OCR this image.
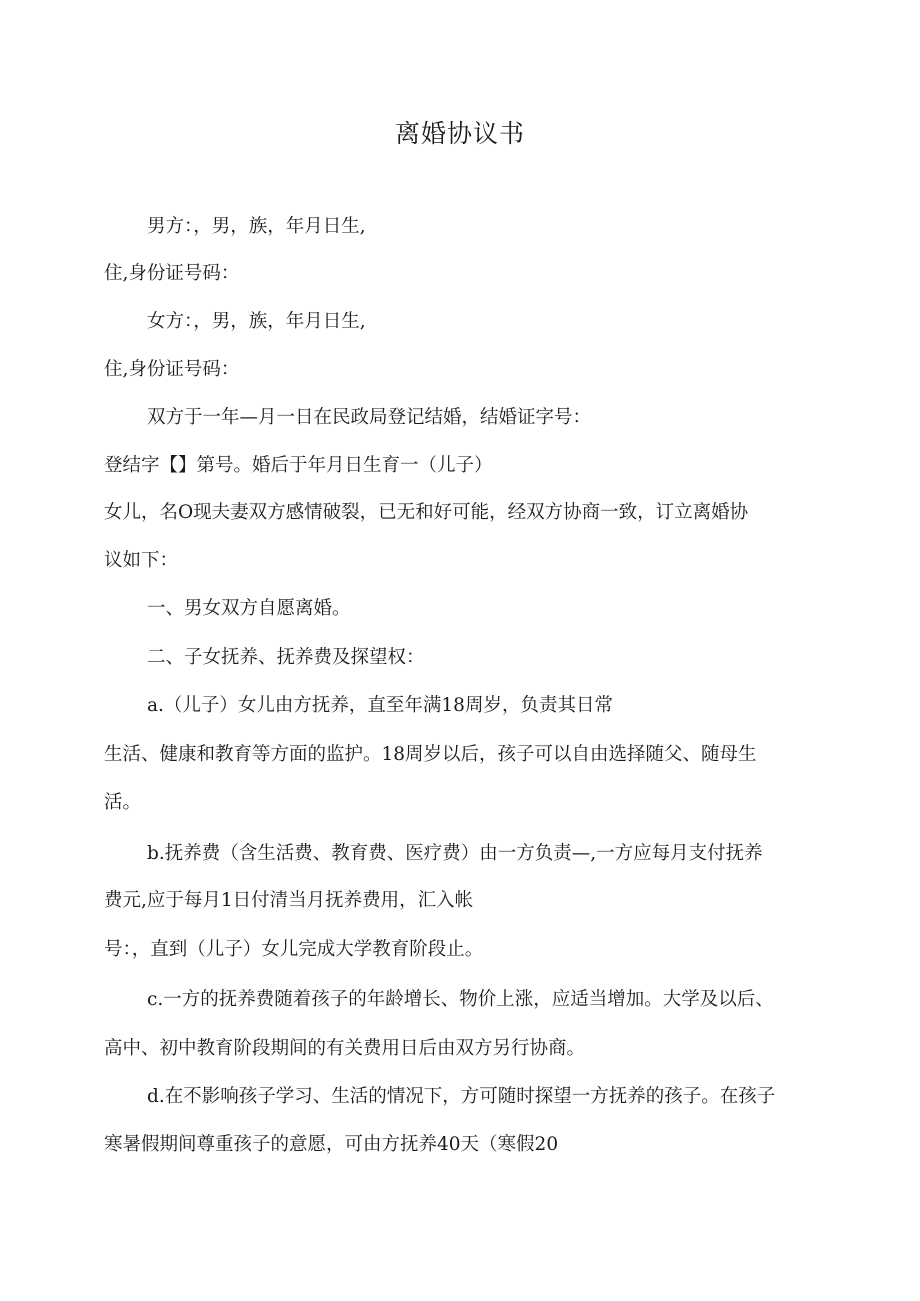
离婚协议书
男方：，男，族，年月日生,
住,身份证号码：
女方：，男，族，年月日生,
住,身份证号码：
双方于一年—月一日在民政局登记结婚，结婚证字号：
登结字【】第号。婚后于年月日生育一（儿子）
女儿，名O现夫妻双方感情破裂，已无和好可能，经双方协商一致，订立离婚协
议如下：
一、男女双方自愿离婚。
二、子女抚养、抚养费及探望权：
a.（儿子）女儿由方抚养，直至年满18周岁，负责其日常
生活、健康和教育等方面的监护。18周岁以后，孩子可以自由选择随父、随母生
活。
b.抚养费（含生活费、教育费、医疗费）由一方负责—,一方应每月支付抚养
费元,应于每月1日付清当月抚养费用，汇入帐
号：，直到（儿子）女儿完成大学教育阶段止。
c.一方的抚养费随着孩子的年龄增长、物价上涨，应适当增加。大学及以后、
高中、初中教育阶段期间的有关费用日后由双方另行协商。
d.在不影响孩子学习、生活的情况下，方可随时探望一方抚养的孩子。在孩子
寒暑假期间尊重孩子的意愿，可由方抚养40天（寒假20
